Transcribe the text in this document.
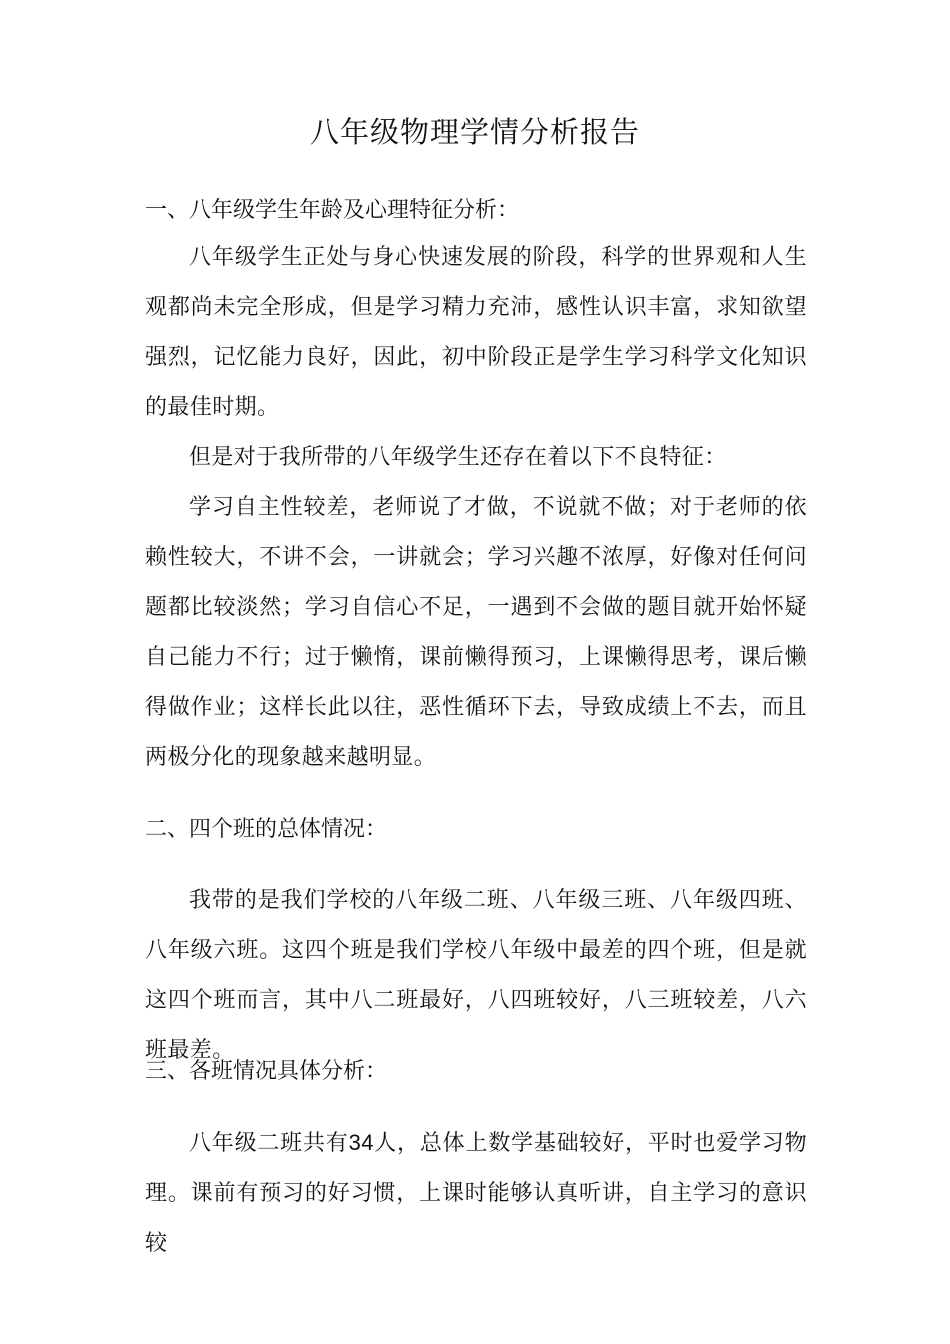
八年级物理学情分析报告
一、八年级学生年龄及心理特征分析：

八年级学生正处与身心快速发展的阶段，科学的世界观和人生观都尚未完全形成，但是学习精力充沛，感性认识丰富，求知欲望强烈，记忆能力良好，因此，初中阶段正是学生学习科学文化知识的最佳时期。

但是对于我所带的八年级学生还存在着以下不良特征：

学习自主性较差，老师说了才做，不说就不做；对于老师的依赖性较大，不讲不会，一讲就会；学习兴趣不浓厚，好像对任何问题都比较淡然；学习自信心不足，一遇到不会做的题目就开始怀疑自己能力不行；过于懒惰，课前懒得预习，上课懒得思考，课后懒得做作业；这样长此以往，恶性循环下去，导致成绩上不去，而且两极分化的现象越来越明显。

二、四个班的总体情况：

我带的是我们学校的八年级二班、八年级三班、八年级四班、八年级六班。这四个班是我们学校八年级中最差的四个班，但是就这四个班而言，其中八二班最好，八四班较好，八三班较差，八六班最差。

三、各班情况具体分析：

八年级二班共有34人，总体上数学基础较好，平时也爱学习物理。课前有预习的好习惯，上课时能够认真听讲，自主学习的意识较
